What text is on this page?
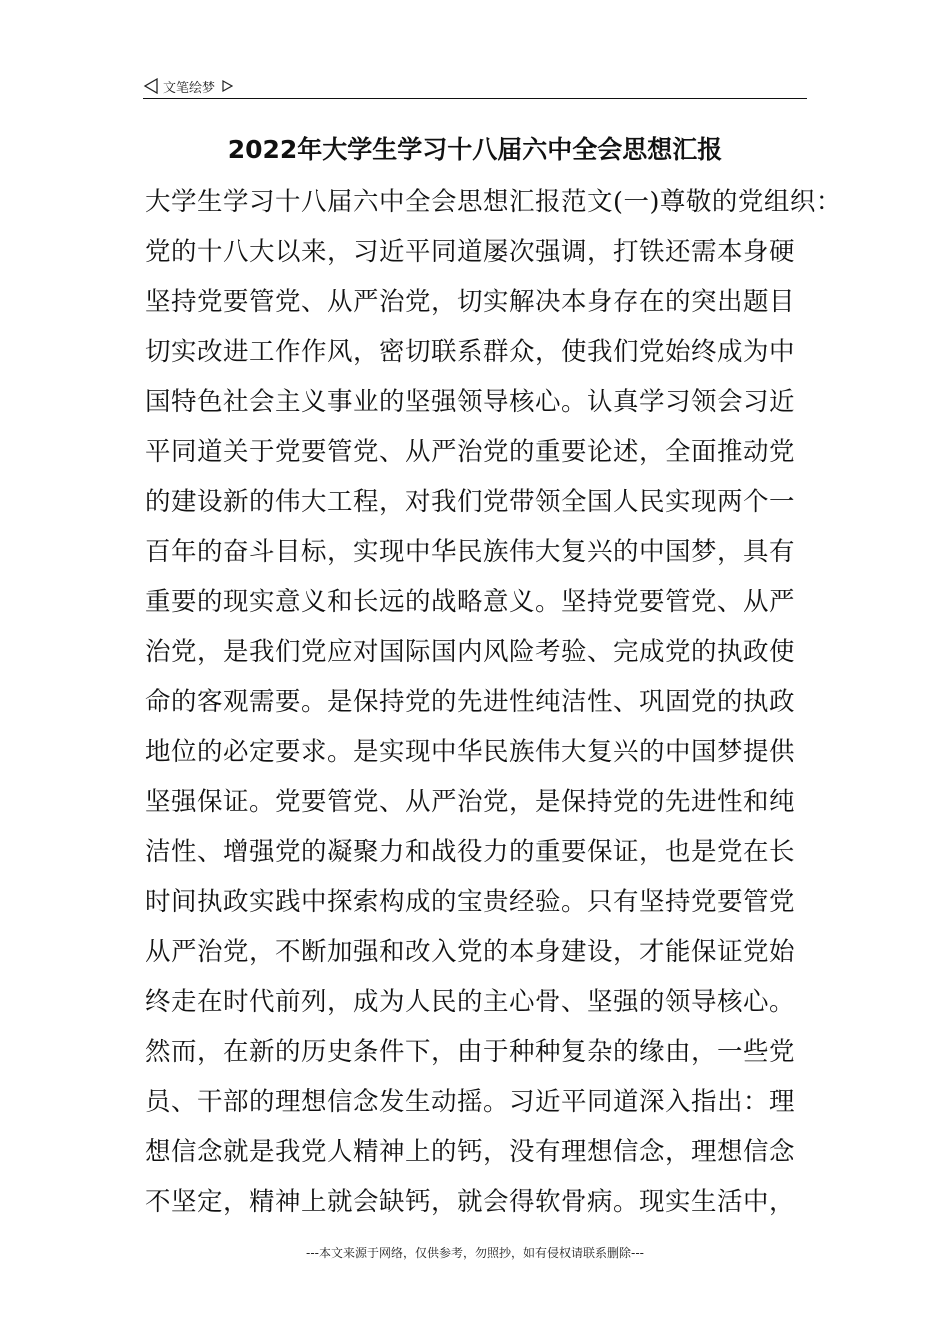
文笔绘梦
2022年大学生学习十八届六中全会思想汇报
大学生学习十八届六中全会思想汇报范文(一)尊敬的党组织：
党的十八大以来，习近平同道屡次强调，打铁还需本身硬
坚持党要管党、从严治党，切实解决本身存在的突出题目
切实改进工作作风，密切联系群众，使我们党始终成为中
国特色社会主义事业的坚强领导核心。认真学习领会习近
平同道关于党要管党、从严治党的重要论述，全面推动党
的建设新的伟大工程，对我们党带领全国人民实现两个一
百年的奋斗目标，实现中华民族伟大复兴的中国梦，具有
重要的现实意义和长远的战略意义。坚持党要管党、从严
治党，是我们党应对国际国内风险考验、完成党的执政使
命的客观需要。是保持党的先进性纯洁性、巩固党的执政
地位的必定要求。是实现中华民族伟大复兴的中国梦提供
坚强保证。党要管党、从严治党，是保持党的先进性和纯
洁性、增强党的凝聚力和战役力的重要保证，也是党在长
时间执政实践中探索构成的宝贵经验。只有坚持党要管党
从严治党，不断加强和改入党的本身建设，才能保证党始
终走在时代前列，成为人民的主心骨、坚强的领导核心。
然而，在新的历史条件下，由于种种复杂的缘由，一些党
员、干部的理想信念发生动摇。习近平同道深入指出：理
想信念就是我党人精神上的钙，没有理想信念，理想信念
不坚定，精神上就会缺钙，就会得软骨病。现实生活中，
---本文来源于网络，仅供参考，勿照抄，如有侵权请联系删除---
